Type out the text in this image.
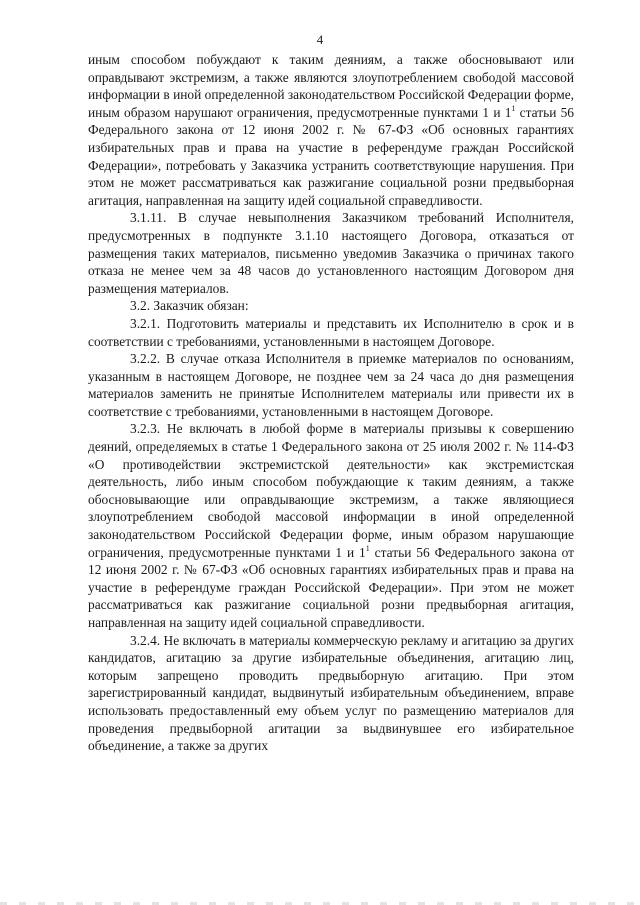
4

иным способом побуждают к таким деяниям, а также обосновывают или оправдывают экстремизм, а также являются злоупотреблением свободой массовой информации в иной определенной законодательством Российской Федерации форме, иным образом нарушают ограничения, предусмотренные пунктами 1 и $1^1$ статьи 56 Федерального закона от 12 июня 2002 г. № 67-ФЗ «Об основных гарантиях избирательных прав и права на участие в референдуме граждан Российской Федерации», потребовать у Заказчика устранить соответствующие нарушения. При этом не может рассматриваться как разжигание социальной розни предвыборная агитация, направленная на защиту идей социальной справедливости.

3.1.11. В случае невыполнения Заказчиком требований Исполнителя, предусмотренных в подпункте 3.1.10 настоящего Договора, отказаться от размещения таких материалов, письменно уведомив Заказчика о причинах такого отказа не менее чем за 48 часов до установленного настоящим Договором дня размещения материалов.

3.2. Заказчик обязан:

3.2.1. Подготовить материалы и представить их Исполнителю в срок и в соответствии с требованиями, установленными в настоящем Договоре.

3.2.2. В случае отказа Исполнителя в приемке материалов по основаниям, указанным в настоящем Договоре, не позднее чем за 24 часа до дня размещения материалов заменить не принятые Исполнителем материалы или привести их в соответствие с требованиями, установленными в настоящем Договоре.

3.2.3. Не включать в любой форме в материалы призывы к совершению деяний, определяемых в статье 1 Федерального закона от 25 июля 2002 г. № 114-ФЗ «О противодействии экстремистской деятельности» как экстремистская деятельность, либо иным способом побуждающие к таким деяниям, а также обосновывающие или оправдывающие экстремизм, а также являющиеся злоупотреблением свободой массовой информации в иной определенной законодательством Российской Федерации форме, иным образом нарушающие ограничения, предусмотренные пунктами 1 и $1^1$ статьи 56 Федерального закона от 12 июня 2002 г. № 67-ФЗ «Об основных гарантиях избирательных прав и права на участие в референдуме граждан Российской Федерации». При этом не может рассматриваться как разжигание социальной розни предвыборная агитация, направленная на защиту идей социальной справедливости.

3.2.4. Не включать в материалы коммерческую рекламу и агитацию за других кандидатов, агитацию за другие избирательные объединения, агитацию лиц, которым запрещено проводить предвыборную агитацию. При этом зарегистрированный кандидат, выдвинутый избирательным объединением, вправе использовать предоставленный ему объем услуг по размещению материалов для проведения предвыборной агитации за выдвинувшее его избирательное объединение, а также за других
